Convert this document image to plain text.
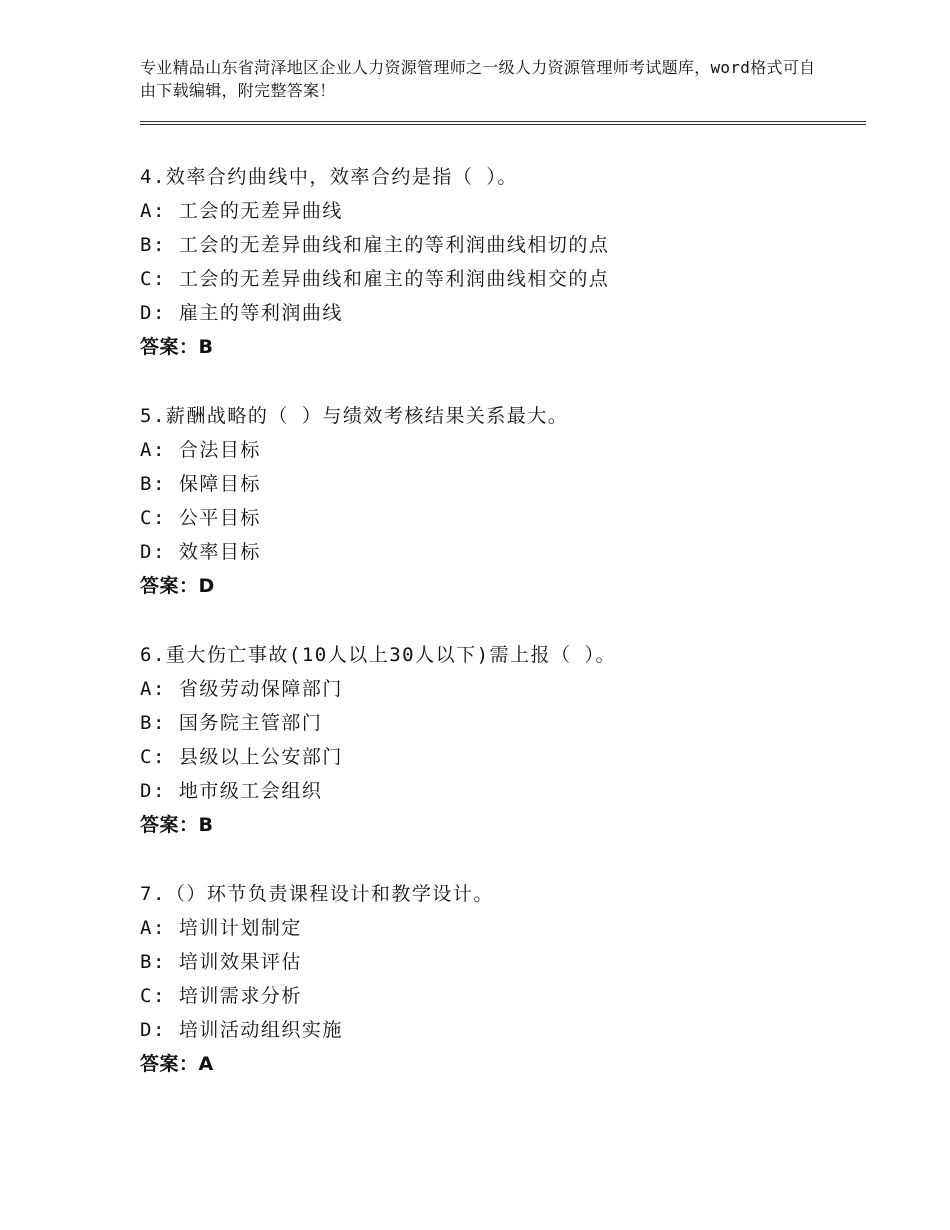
专业精品山东省菏泽地区企业人力资源管理师之一级人力资源管理师考试题库，word格式可自由下载编辑，附完整答案！
4.效率合约曲线中，效率合约是指（ ）。
A: 工会的无差异曲线
B: 工会的无差异曲线和雇主的等利润曲线相切的点
C: 工会的无差异曲线和雇主的等利润曲线相交的点
D: 雇主的等利润曲线
答案：B
5.薪酬战略的（ ）与绩效考核结果关系最大。
A: 合法目标
B: 保障目标
C: 公平目标
D: 效率目标
答案：D
6.重大伤亡事故(10人以上30人以下)需上报（ ）。
A: 省级劳动保障部门
B: 国务院主管部门
C: 县级以上公安部门
D: 地市级工会组织
答案：B
7.（）环节负责课程设计和教学设计。
A: 培训计划制定
B: 培训效果评估
C: 培训需求分析
D: 培训活动组织实施
答案：A
